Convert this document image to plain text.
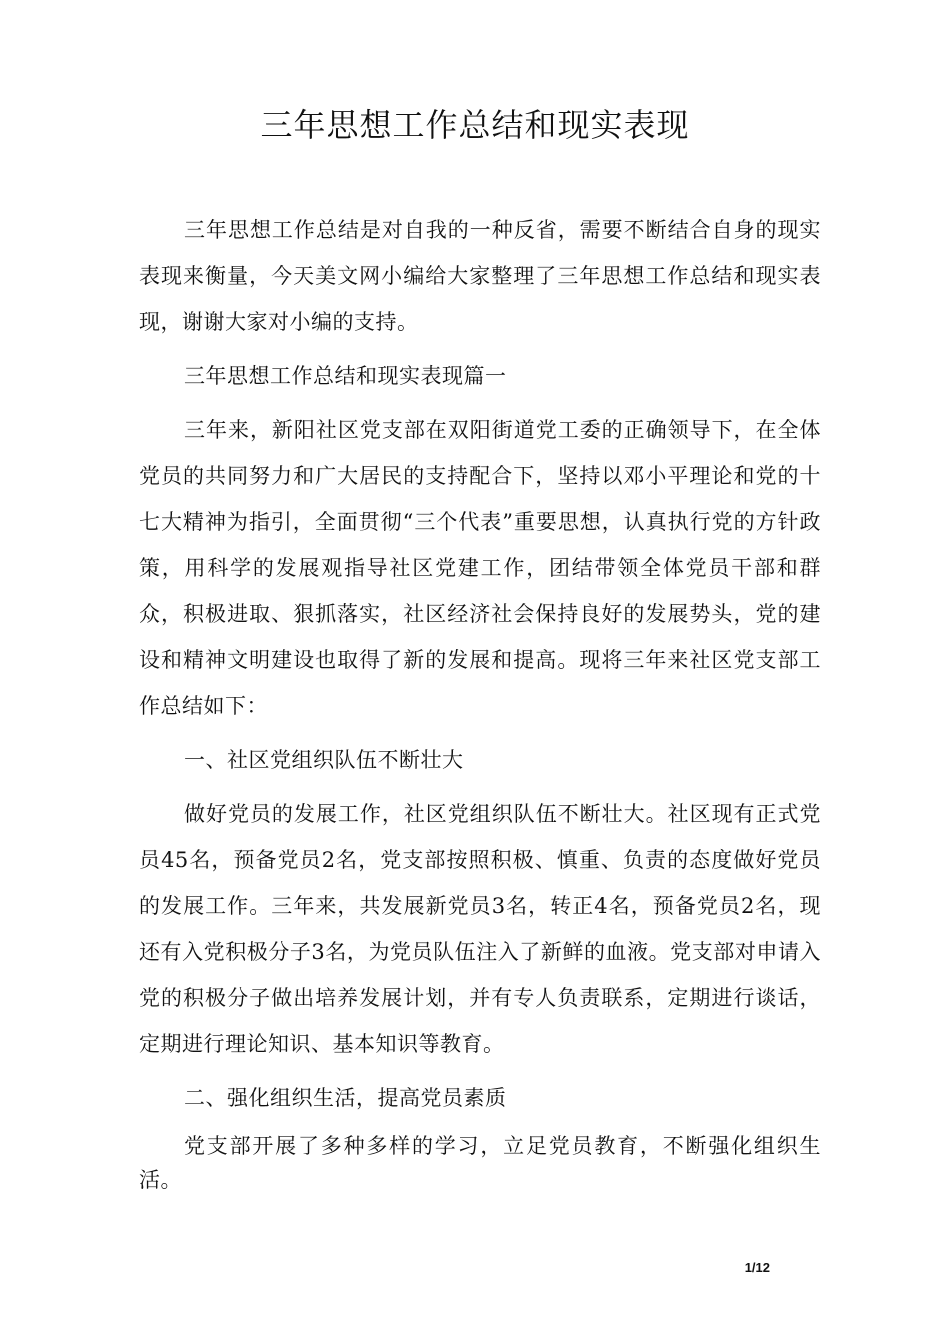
三年思想工作总结和现实表现

三年思想工作总结是对自我的一种反省，需要不断结合自身的现实表现来衡量，今天美文网小编给大家整理了三年思想工作总结和现实表现，谢谢大家对小编的支持。

三年思想工作总结和现实表现篇一

三年来，新阳社区党支部在双阳街道党工委的正确领导下，在全体党员的共同努力和广大居民的支持配合下，坚持以邓小平理论和党的十七大精神为指引，全面贯彻“三个代表”重要思想，认真执行党的方针政策，用科学的发展观指导社区党建工作，团结带领全体党员干部和群众，积极进取、狠抓落实，社区经济社会保持良好的发展势头，党的建设和精神文明建设也取得了新的发展和提高。现将三年来社区党支部工作总结如下：

一、社区党组织队伍不断壮大

做好党员的发展工作，社区党组织队伍不断壮大。社区现有正式党员45名，预备党员2名，党支部按照积极、慎重、负责的态度做好党员的发展工作。三年来，共发展新党员3名，转正4名，预备党员2名，现还有入党积极分子3名，为党员队伍注入了新鲜的血液。党支部对申请入党的积极分子做出培养发展计划，并有专人负责联系，定期进行谈话，定期进行理论知识、基本知识等教育。

二、强化组织生活，提高党员素质

党支部开展了多种多样的学习，立足党员教育，不断强化组织生活。

1/12
